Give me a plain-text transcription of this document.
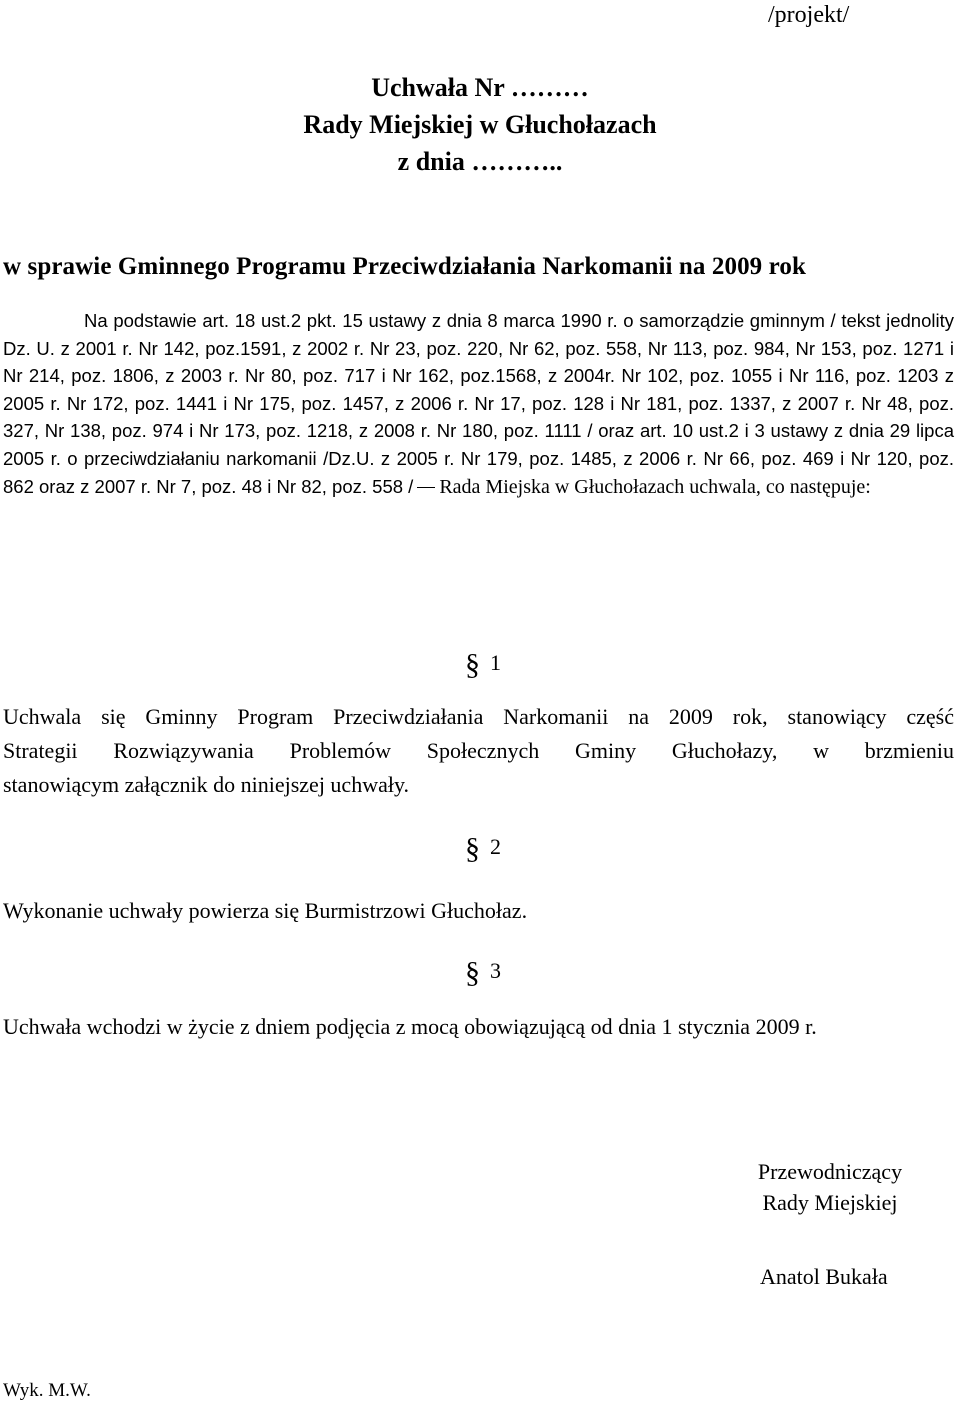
/projekt/
Uchwała Nr ………
Rady Miejskiej w Głuchołazach
z dnia ………..
w sprawie Gminnego Programu Przeciwdziałania Narkomanii na 2009 rok
Na podstawie art. 18 ust.2 pkt. 15 ustawy z dnia 8 marca 1990 r. o samorządzie gminnym / tekst jednolity Dz. U. z 2001 r. Nr 142, poz.1591, z 2002 r. Nr 23, poz. 220, Nr 62, poz. 558, Nr 113, poz. 984, Nr 153, poz. 1271 i Nr 214, poz. 1806, z 2003 r. Nr 80, poz. 717 i Nr 162, poz.1568, z 2004r. Nr 102, poz. 1055 i Nr 116, poz. 1203 z 2005 r. Nr 172, poz. 1441 i Nr 175, poz. 1457, z 2006 r. Nr 17, poz. 128 i Nr 181, poz. 1337, z 2007 r. Nr 48, poz. 327, Nr 138, poz. 974 i Nr 173, poz. 1218, z 2008 r. Nr 180, poz. 1111 / oraz art. 10 ust.2 i 3 ustawy z dnia 29 lipca 2005 r. o przeciwdziałaniu narkomanii /Dz.U. z 2005 r. Nr 179, poz. 1485, z 2006 r. Nr 66, poz. 469 i Nr 120, poz. 862 oraz z 2007 r. Nr 7, poz. 48 i Nr 82, poz. 558 / Rada Miejska w Głuchołazach uchwala, co następuje:
§ 1
Uchwala się Gminny Program Przeciwdziałania Narkomanii na 2009 rok, stanowiący część
Strategii Rozwiązywania Problemów Społecznych Gminy Głuchołazy, w brzmieniu
stanowiącym załącznik do niniejszej uchwały.
§ 2
Wykonanie uchwały powierza się Burmistrzowi Głuchołaz.
§ 3
Uchwała wchodzi w życie z dniem podjęcia z mocą obowiązującą od dnia 1 stycznia 2009 r.
Przewodniczący
Rady Miejskiej
Anatol Bukała
Wyk. M.W.
